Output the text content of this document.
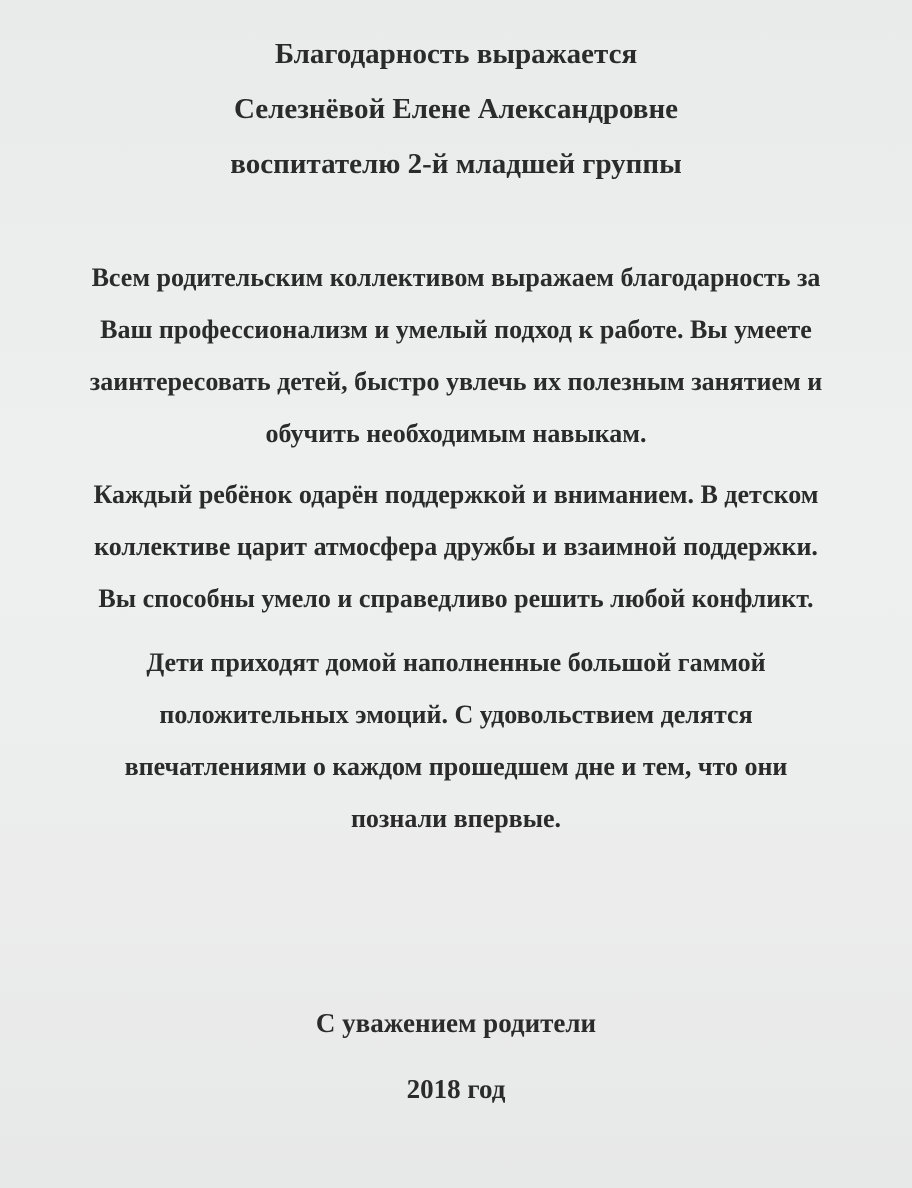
Благодарность выражается

Селезнёвой Елене Александровне

воспитателю 2-й младшей группы

Всем родительским коллективом выражаем благодарность за

Ваш профессионализм и умелый подход к работе. Вы умеете

заинтересовать детей, быстро увлечь их полезным занятием и

обучить необходимым навыкам.

Каждый ребёнок одарён поддержкой и вниманием. В детском

коллективе царит атмосфера дружбы и взаимной поддержки.

Вы способны умело и справедливо решить любой конфликт.

Дети приходят домой наполненные большой гаммой

положительных эмоций. С удовольствием делятся

впечатлениями о каждом прошедшем дне и тем, что они

познали впервые.

С уважением родители

2018 год
